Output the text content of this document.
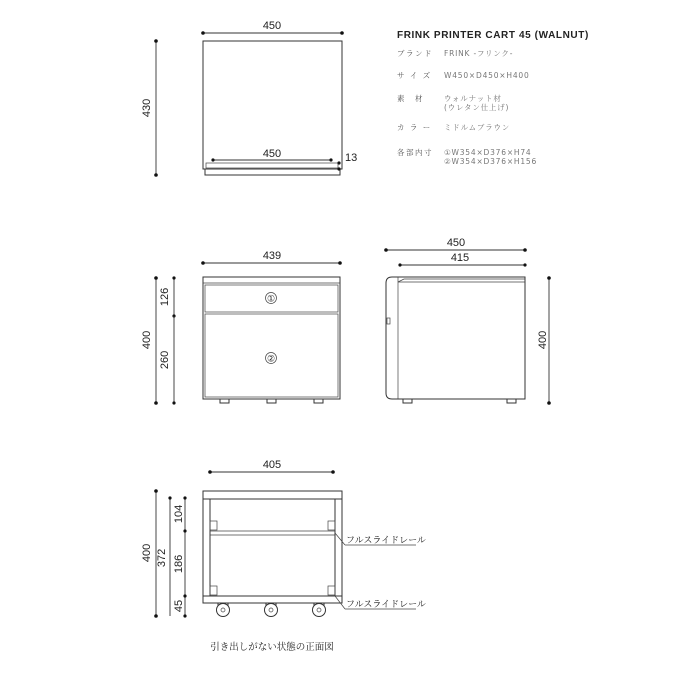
FRINK PRINTER CART 45 (WALNUT)
ブランド FRINK -フリンク-
サ イ ズ W450×D450×H400
素　材	ウォルナット材
(ウレタン仕上げ)
カ ラ ー ミドルムブラウン
各部内寸 ①W354×D376×H74
②W354×D376×H156
450
430
450	13
439
400
126
260
①
②
450
415
400
405
400 372
104
186
45
フルスライドレール
フルスライドレール
引き出しがない状態の正面図
